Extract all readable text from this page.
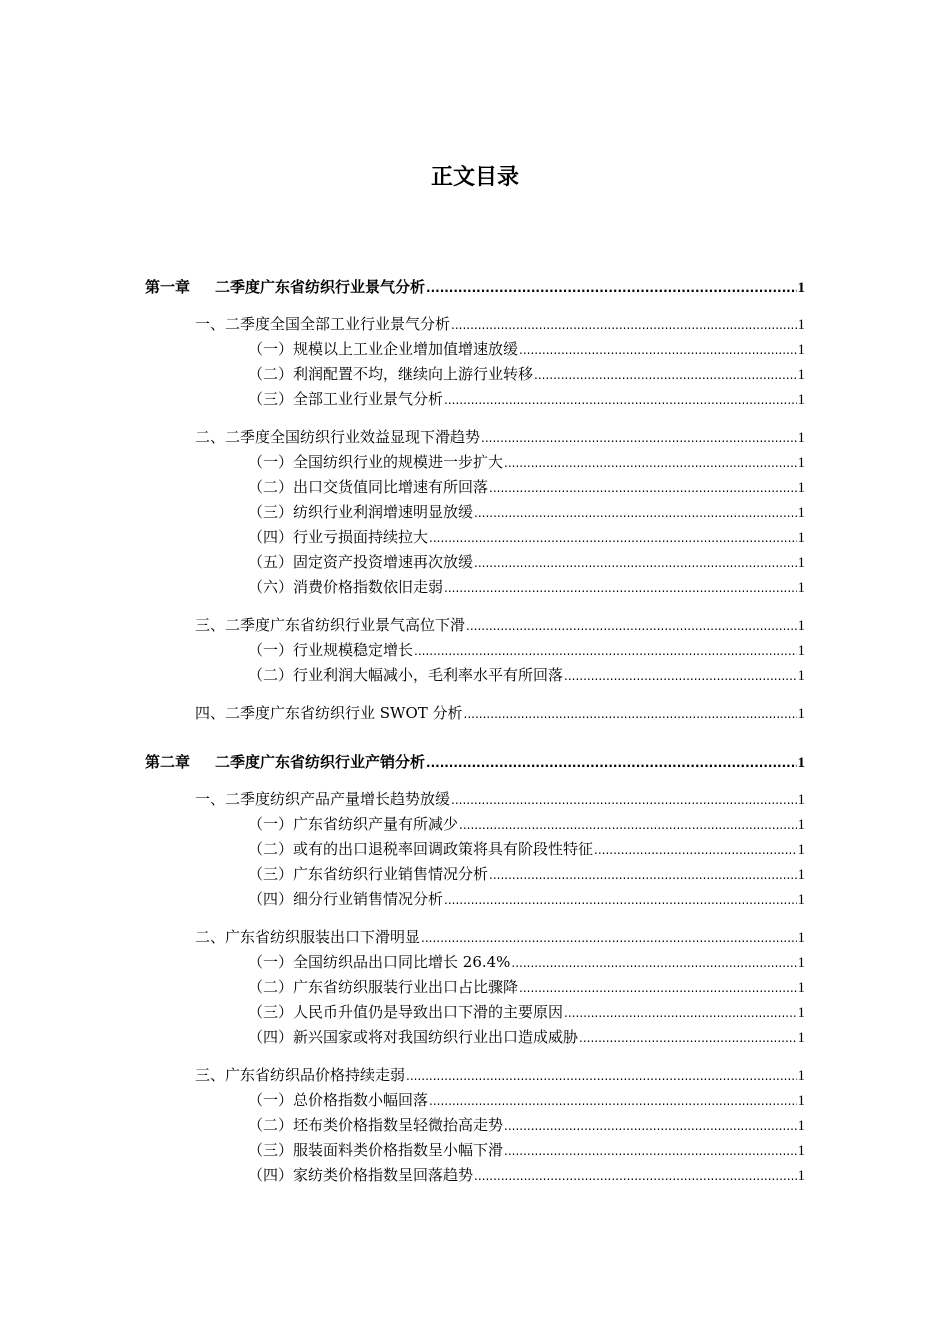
正文目录
第一章 二季度广东省纺织行业景气分析 .....	1
一、二季度全国全部工业行业景气分析 .....	1
（一）规模以上工业企业增加值增速放缓 .....	1
（二）利润配置不均，继续向上游行业转移 .....	1
（三）全部工业行业景气分析 .....	1
二、二季度全国纺织行业效益显现下滑趋势 .....	1
（一）全国纺织行业的规模进一步扩大 .....	1
（二）出口交货值同比增速有所回落 .....	1
（三）纺织行业利润增速明显放缓 .....	1
（四）行业亏损面持续拉大 .....	1
（五）固定资产投资增速再次放缓 .....	1
（六）消费价格指数依旧走弱 .....	1
三、二季度广东省纺织行业景气高位下滑 .....	1
（一）行业规模稳定增长 .....	1
（二）行业利润大幅减小，毛利率水平有所回落 .....	1
四、二季度广东省纺织行业 SWOT 分析 .....	1
第二章 二季度广东省纺织行业产销分析 .....	1
一、二季度纺织产品产量增长趋势放缓 .....	1
（一）广东省纺织产量有所减少 .....	1
（二）或有的出口退税率回调政策将具有阶段性特征 .....	1
（三）广东省纺织行业销售情况分析 .....	1
（四）细分行业销售情况分析 .....	1
二、广东省纺织服装出口下滑明显 .....	1
（一）全国纺织品出口同比增长 26.4% .....	1
（二）广东省纺织服装行业出口占比骤降 .....	1
（三）人民币升值仍是导致出口下滑的主要原因 .....	1
（四）新兴国家或将对我国纺织行业出口造成威胁 .....	1
三、广东省纺织品价格持续走弱 .....	1
（一）总价格指数小幅回落 .....	1
（二）坯布类价格指数呈轻微抬高走势 .....	1
（三）服装面料类价格指数呈小幅下滑 .....	1
（四）家纺类价格指数呈回落趋势 .....	1
